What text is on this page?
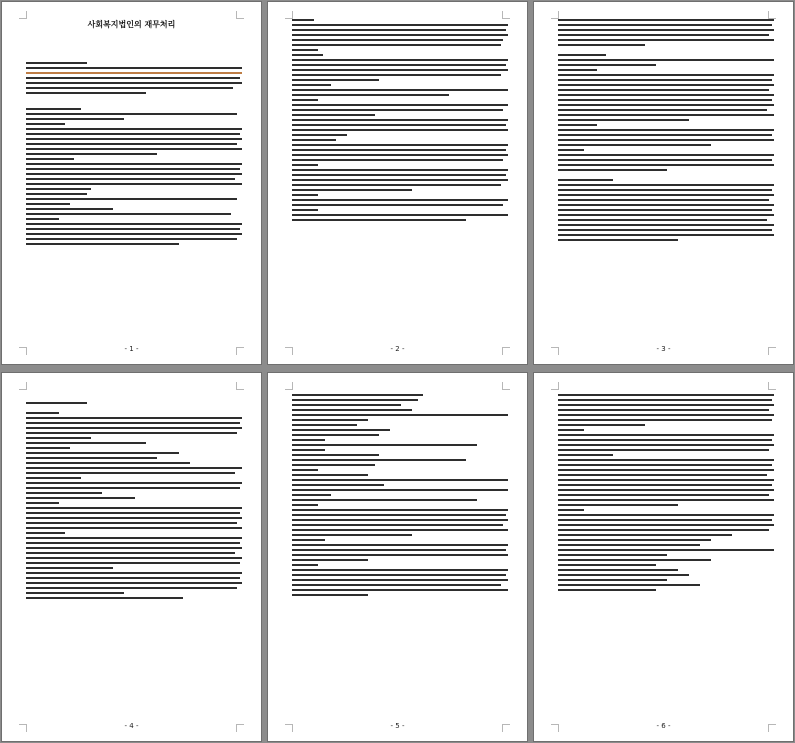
사회복지법인의 재무처리
- 1 -	- 2 -	- 3 -
- 4 -	- 5 -	- 6 -
